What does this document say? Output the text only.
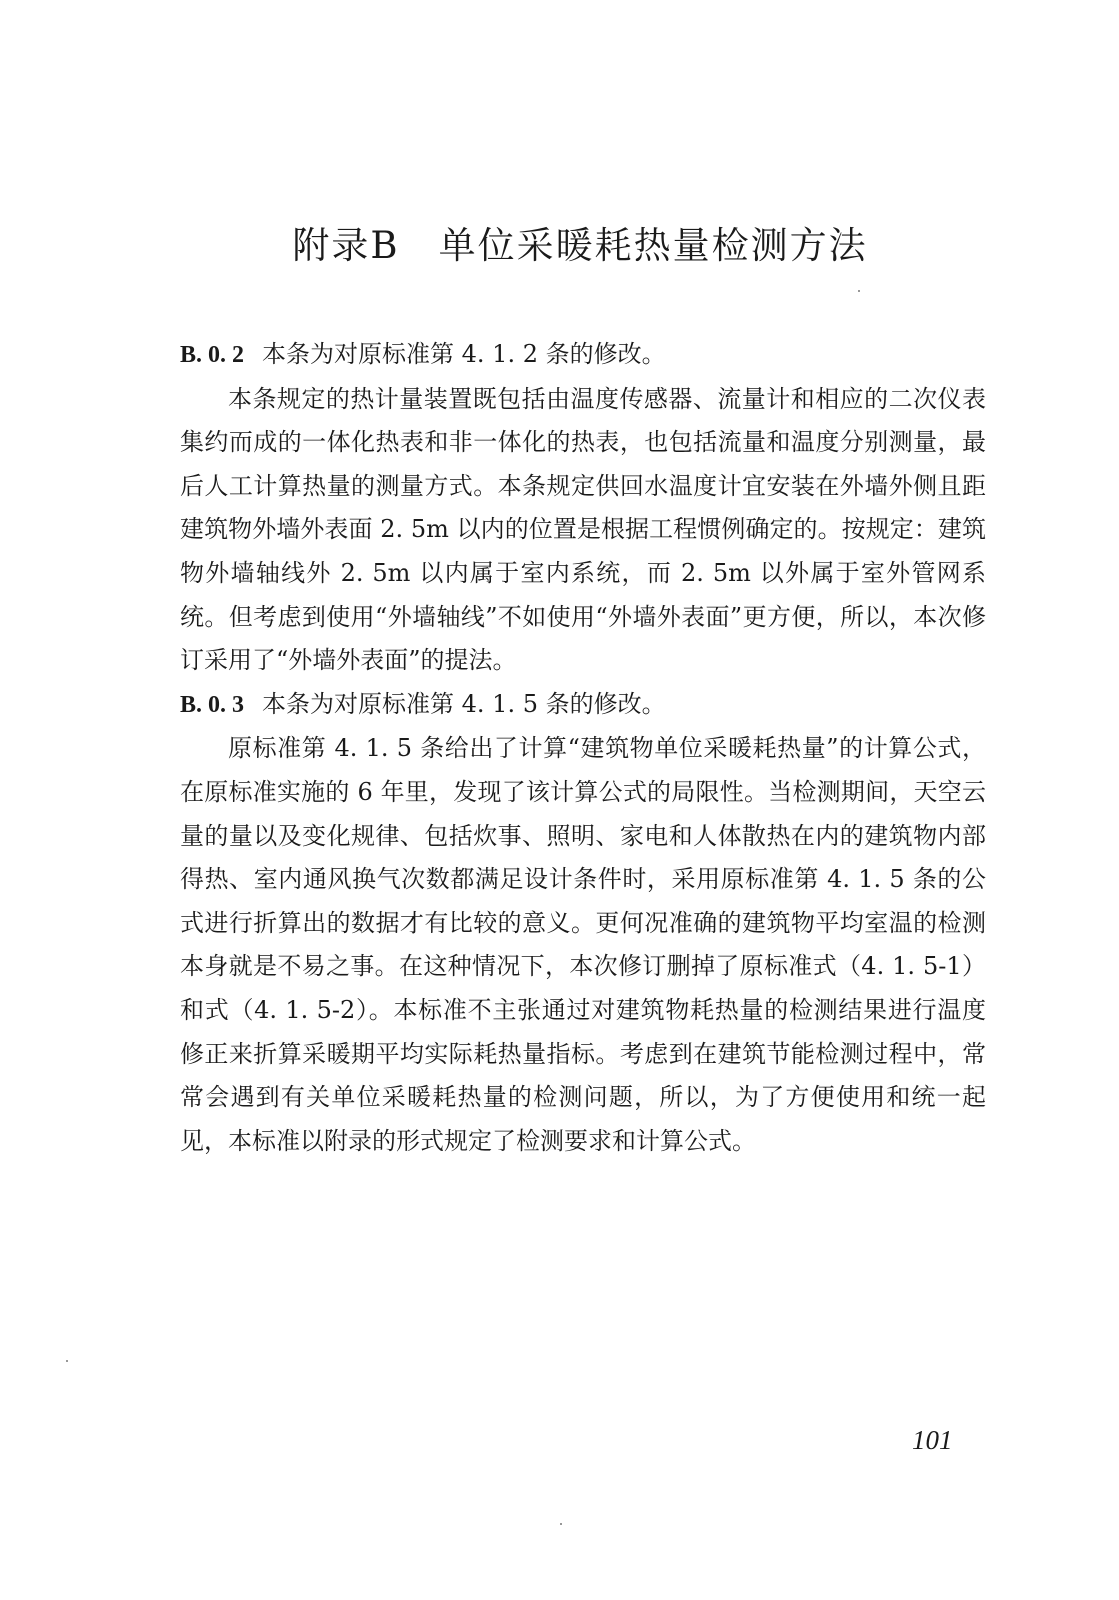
附录B　单位采暖耗热量检测方法

B. 0. 2 本条为对原标准第 4. 1. 2 条的修改。

本条规定的热计量装置既包括由温度传感器、流量计和相应的二次仪表集约而成的一体化热表和非一体化的热表，也包括流量和温度分别测量，最后人工计算热量的测量方式。本条规定供回水温度计宜安装在外墙外侧且距建筑物外墙外表面 2. 5m 以内的位置是根据工程惯例确定的。按规定：建筑物外墙轴线外 2. 5m 以内属于室内系统，而 2. 5m 以外属于室外管网系统。但考虑到使用“外墙轴线”不如使用“外墙外表面”更方便，所以，本次修订采用了“外墙外表面”的提法。

B. 0. 3 本条为对原标准第 4. 1. 5 条的修改。

原标准第 4. 1. 5 条给出了计算“建筑物单位采暖耗热量”的计算公式，在原标准实施的 6 年里，发现了该计算公式的局限性。当检测期间，天空云量的量以及变化规律、包括炊事、照明、家电和人体散热在内的建筑物内部得热、室内通风换气次数都满足设计条件时，采用原标准第 4. 1. 5 条的公式进行折算出的数据才有比较的意义。更何况准确的建筑物平均室温的检测本身就是不易之事。在这种情况下，本次修订删掉了原标准式（4. 1. 5-1）和式（4. 1. 5-2）。本标准不主张通过对建筑物耗热量的检测结果进行温度修正来折算采暖期平均实际耗热量指标。考虑到在建筑节能检测过程中，常常会遇到有关单位采暖耗热量的检测问题，所以，为了方便使用和统一起见，本标准以附录的形式规定了检测要求和计算公式。

101
